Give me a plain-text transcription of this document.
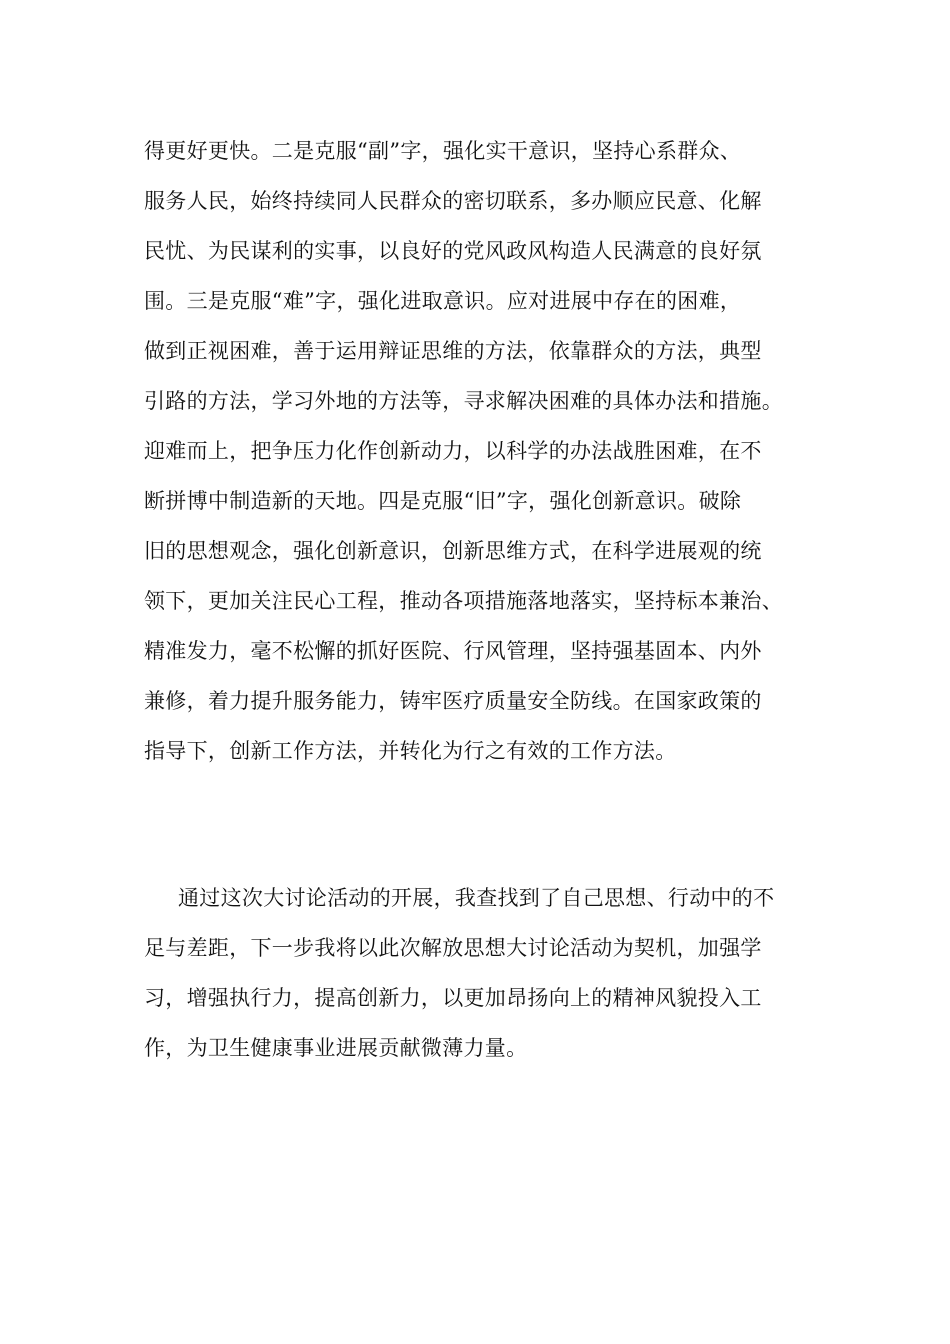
得更好更快。二是克服“副”字，强化实干意识，坚持心系群众、
服务人民，始终持续同人民群众的密切联系，多办顺应民意、化解
民忧、为民谋利的实事，以良好的党风政风构造人民满意的良好氛
围。三是克服“难”字，强化进取意识。应对进展中存在的困难，
做到正视困难，善于运用辩证思维的方法，依靠群众的方法，典型
引路的方法，学习外地的方法等，寻求解决困难的具体办法和措施。
迎难而上，把争压力化作创新动力，以科学的办法战胜困难，在不
断拼博中制造新的天地。四是克服“旧”字，强化创新意识。破除
旧的思想观念，强化创新意识，创新思维方式，在科学进展观的统
领下，更加关注民心工程，推动各项措施落地落实，坚持标本兼治、
精准发力，毫不松懈的抓好医院、行风管理，坚持强基固本、内外
兼修，着力提升服务能力，铸牢医疗质量安全防线。在国家政策的
指导下，创新工作方法，并转化为行之有效的工作方法。
通过这次大讨论活动的开展，我查找到了自己思想、行动中的不
足与差距，下一步我将以此次解放思想大讨论活动为契机，加强学
习，增强执行力，提高创新力，以更加昂扬向上的精神风貌投入工
作，为卫生健康事业进展贡献微薄力量。
